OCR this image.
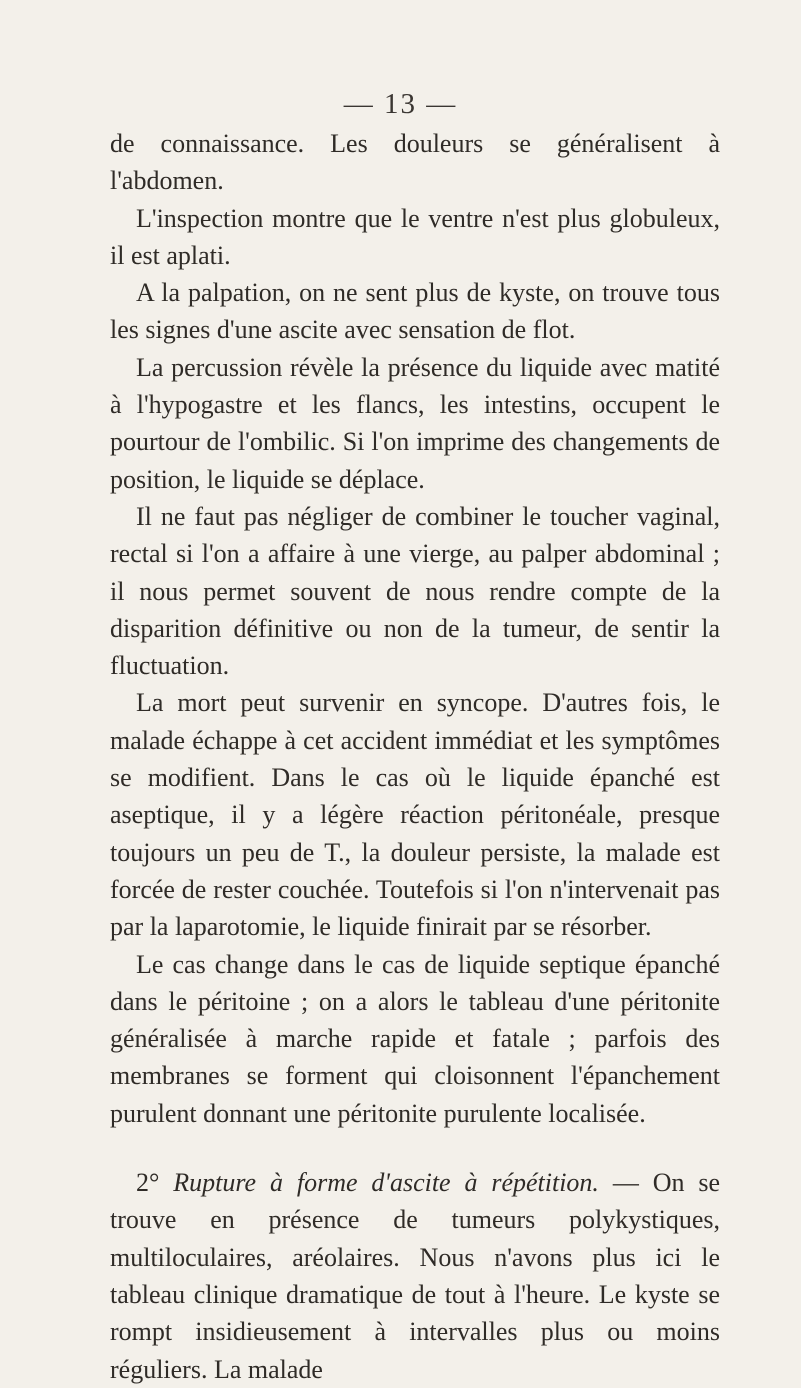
— 13 —

de connaissance. Les douleurs se généralisent à l'abdomen.

L'inspection montre que le ventre n'est plus globuleux, il est aplati.

A la palpation, on ne sent plus de kyste, on trouve tous les signes d'une ascite avec sensation de flot.

La percussion révèle la présence du liquide avec matité à l'hypogastre et les flancs, les intestins, occupent le pourtour de l'ombilic. Si l'on imprime des changements de position, le liquide se déplace.

Il ne faut pas négliger de combiner le toucher vaginal, rectal si l'on a affaire à une vierge, au palper abdominal ; il nous permet souvent de nous rendre compte de la disparition définitive ou non de la tumeur, de sentir la fluctuation.

La mort peut survenir en syncope. D'autres fois, le malade échappe à cet accident immédiat et les symptômes se modifient. Dans le cas où le liquide épanché est aseptique, il y a légère réaction péritonéale, presque toujours un peu de T., la douleur persiste, la malade est forcée de rester couchée. Toutefois si l'on n'intervenait pas par la laparotomie, le liquide finirait par se résorber.

Le cas change dans le cas de liquide septique épanché dans le péritoine ; on a alors le tableau d'une péritonite généralisée à marche rapide et fatale ; parfois des membranes se forment qui cloisonnent l'épanchement purulent donnant une péritonite purulente localisée.

2° Rupture à forme d'ascite à répétition. — On se trouve en présence de tumeurs polykystiques, multiloculaires, aréolaires. Nous n'avons plus ici le tableau clinique dramatique de tout à l'heure. Le kyste se rompt insidieusement à intervalles plus ou moins réguliers. La malade
